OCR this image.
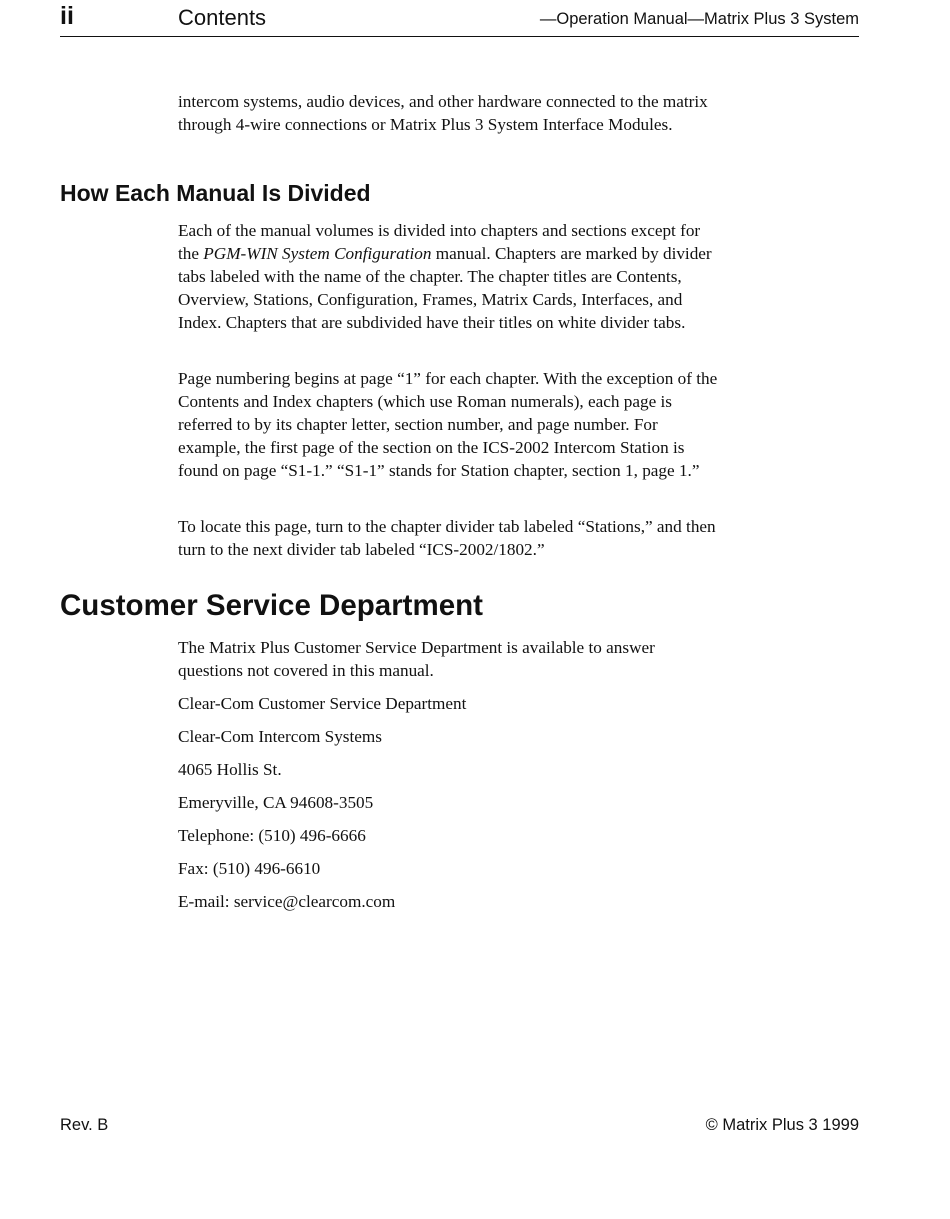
ii	Contents	—Operation Manual—Matrix Plus 3 System

intercom systems, audio devices, and other hardware connected to the matrix through 4-wire connections or Matrix Plus 3 System Interface Modules.

How Each Manual Is Divided

Each of the manual volumes is divided into chapters and sections except for the PGM-WIN System Configuration manual. Chapters are marked by divider tabs labeled with the name of the chapter. The chapter titles are Contents, Overview, Stations, Configuration, Frames, Matrix Cards, Interfaces, and Index. Chapters that are subdivided have their titles on white divider tabs.

Page numbering begins at page “1” for each chapter. With the exception of the Contents and Index chapters (which use Roman numerals), each page is referred to by its chapter letter, section number, and page number. For example, the first page of the section on the ICS-2002 Intercom Station is found on page “S1-1.” “S1-1” stands for Station chapter, section 1, page 1.”

To locate this page, turn to the chapter divider tab labeled “Stations,” and then turn to the next divider tab labeled “ICS-2002/1802.”

Customer Service Department

The Matrix Plus Customer Service Department is available to answer questions not covered in this manual.

Clear-Com Customer Service Department

Clear-Com Intercom Systems

4065 Hollis St.

Emeryville, CA 94608-3505

Telephone: (510) 496-6666

Fax: (510) 496-6610

E-mail: service@clearcom.com

Rev. B	© Matrix Plus 3 1999
